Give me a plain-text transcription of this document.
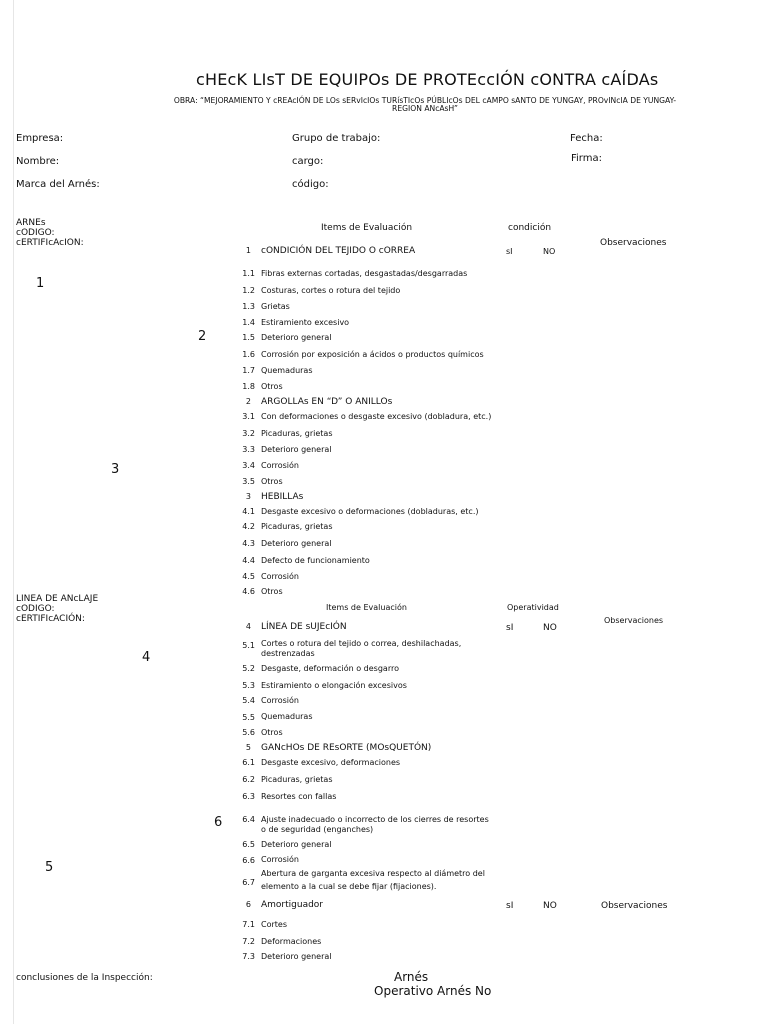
cHEcK LIsT DE EQUIPOs DE PROTEccIÓN cONTRA cAÍDAs
OBRA: “MEJORAMIENTO Y cREAcIÓN DE LOs sERvIcIOs TURísTIcOs PÚBLIcOs DEL cAMPO sANTO DE YUNGAY, PROvINcIA DE YUNGAY- REGION ANcAsH”
Empresa:	Grupo de trabajo:	Fecha:
Nombre:	cargo:	Firma:
Marca del Arnés:	código:
ARNEs
cODIGO:
cERTIFIcAcION:
Items de Evaluación	condición
Observaciones
1 cONDICIÓN DEL TEJIDO O cORREA	sI	NO
1.1 Fibras externas cortadas, desgastadas/desgarradas
1.2 Costuras, cortes o rotura del tejido
1.3 Grietas
1.4 Estiramiento excesivo
1.5 Deterioro general
1.6 Corrosión por exposición a ácidos o productos químicos
1.7 Quemaduras
1.8 Otros
2 ARGOLLAs EN “D” O ANILLOs
3.1 Con deformaciones o desgaste excesivo (dobladura, etc.)
3.2 Picaduras, grietas
3.3 Deterioro general
3.4 Corrosión
3.5 Otros
3 HEBILLAs
4.1 Desgaste excesivo o deformaciones (dobladuras, etc.)
4.2 Picaduras, grietas
4.3 Deterioro general
4.4 Defecto de funcionamiento
4.5 Corrosión
4.6 Otros
LINEA DE ANcLAJE
cODIGO:
cERTIFIcACIÓN:
Items de Evaluación	Operatividad
Observaciones
4 LÍNEA DE sUJEcIÓN	sI	NO
5.1 Cortes o rotura del tejido o correa, deshilachadas, destrenzadas
5.2 Desgaste, deformación o desgarro
5.3 Estiramiento o elongación excesivos
5.4 Corrosión
5.5 Quemaduras
5.6 Otros
5 GANcHOs DE REsORTE (MOsQUETÓN)
6.1 Desgaste excesivo, deformaciones
6.2 Picaduras, grietas
6.3 Resortes con fallas
6.4 Ajuste inadecuado o incorrecto de los cierres de resortes o de seguridad (enganches)
6.5 Deterioro general
6.6 Corrosión
6.7
Abertura de garganta excesiva respecto al diámetro del elemento a la cual se debe fijar (fijaciones).
6 Amortiguador	sI	NO	Observaciones
7.1 Cortes
7.2 Deformaciones
7.3 Deterioro general
1
2
3
4
5
6
conclusiones de la Inspección:	Arnés
Operativo Arnés No
